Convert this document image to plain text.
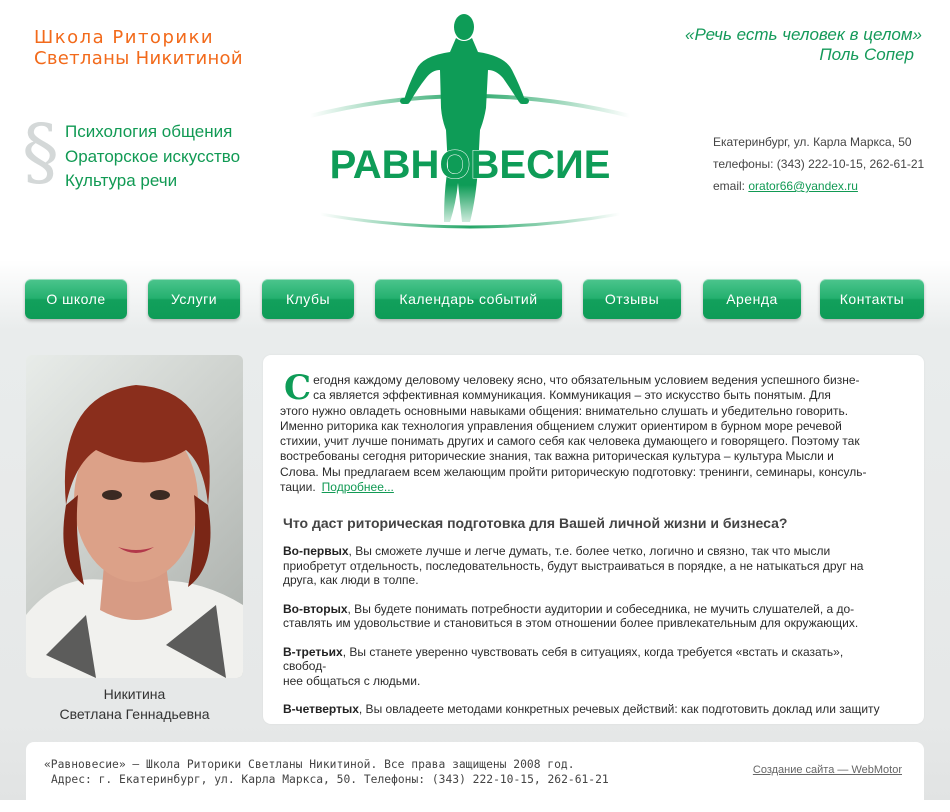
Школа Риторики
Светланы Никитиной
«Речь есть человек в целом»
Поль Сопер
§ Психология общения
Ораторское искусство
Культура речи	РАВНОВЕСИЕ
Екатеринбург, ул. Карла Маркса, 50
телефоны: (343) 222-10-15, 262-61-21
email: orator66@yandex.ru
О школе	Услуги	Клубы	Календарь событий	Отзывы	Аренда	Контакты
Никитина
Светлана Геннадьевна
С егодня каждому деловому человеку ясно, что обязательным условием ведения успешного бизне-
са является эффективная коммуникация. Коммуникация – это искусство быть понятым. Для
этого нужно овладеть основными навыками общения: внимательно слушать и убедительно говорить.
Именно риторика как технология управления общением служит ориентиром в бурном море речевой
стихии, учит лучше понимать других и самого себя как человека думающего и говорящего. Поэтому так
востребованы сегодня риторические знания, так важна риторическая культура – культура Мысли и
Слова. Мы предлагаем всем желающим пройти риторическую подготовку: тренинги, семинары, консуль-
тации. Подробнее...
Что даст риторическая подготовка для Вашей личной жизни и бизнеса?

Во-первых, Вы сможете лучше и легче думать, т.е. более четко, логично и связно, так что мысли
приобретут отдельность, последовательность, будут выстраиваться в порядке, а не натыкаться друг на
друга, как люди в толпе.

Во-вторых, Вы будете понимать потребности аудитории и собеседника, не мучить слушателей, а до-
ставлять им удовольствие и становиться в этом отношении более привлекательным для окружающих.

В-третьих, Вы станете уверенно чувствовать себя в ситуациях, когда требуется «встать и сказать», свобод-
нее общаться с людьми.

В-четвертых, Вы овладеете методами конкретных речевых действий: как подготовить доклад или защиту

«Равновесие» — Школа Риторики Светланы Никитиной. Все права защищены 2008 год.
Адрес: г. Екатеринбург, ул. Карла Маркса, 50. Телефоны: (343) 222-10-15, 262-61-21
Создание сайта — WebMotor
